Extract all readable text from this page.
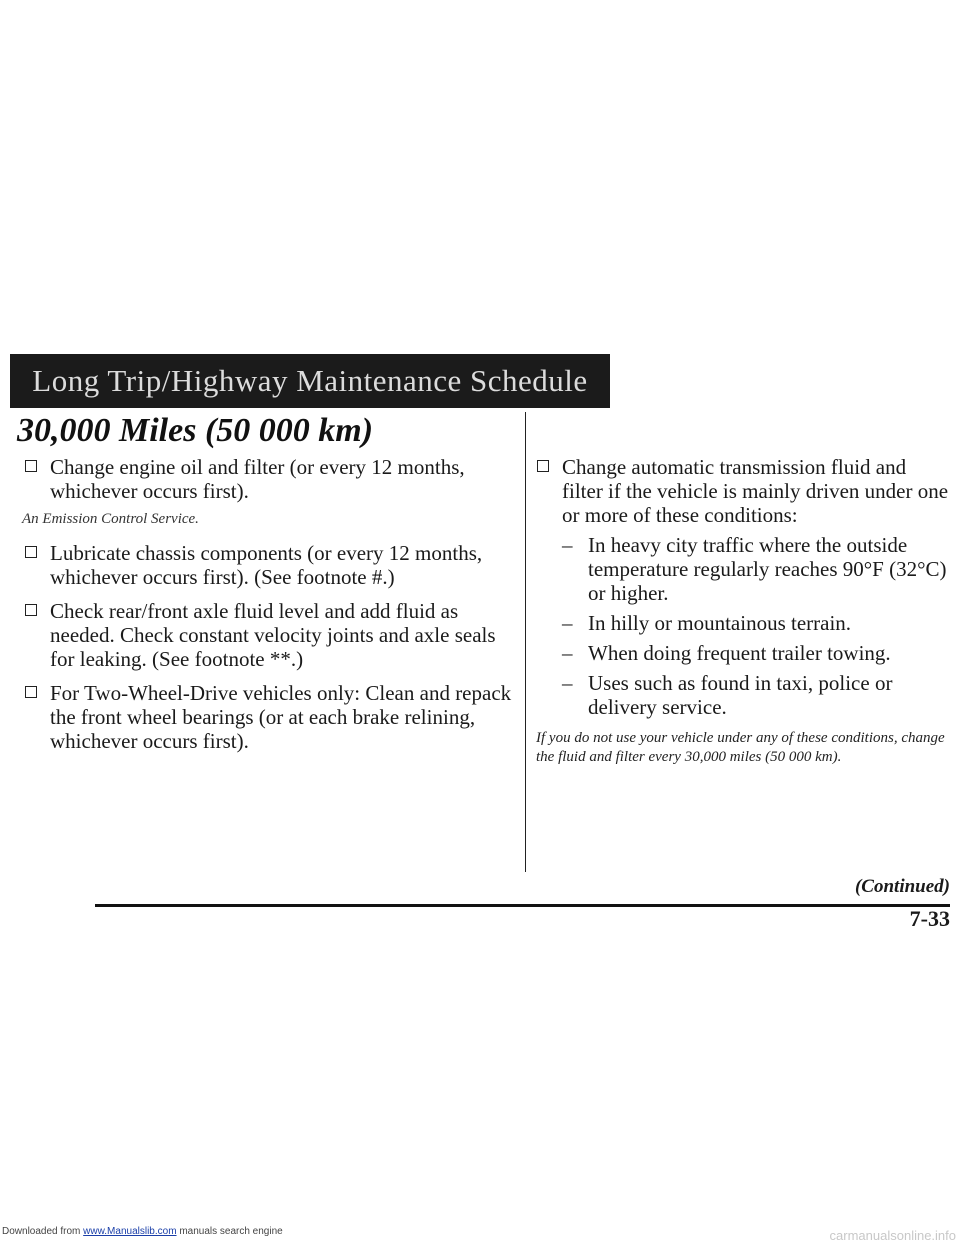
Long Trip/Highway Maintenance Schedule
30,000 Miles (50 000 km)
Change engine oil and filter (or every 12 months, whichever occurs first).
An Emission Control Service.
Lubricate chassis components (or every 12 months, whichever occurs first). (See footnote #.)
Check rear/front axle fluid level and add fluid as needed. Check constant velocity joints and axle seals for leaking. (See footnote **.)
For Two-Wheel-Drive vehicles only: Clean and repack the front wheel bearings (or at each brake relining, whichever occurs first).
Change automatic transmission fluid and filter if the vehicle is mainly driven under one or more of these conditions:
– In heavy city traffic where the outside temperature regularly reaches 90°F (32°C) or higher.
– In hilly or mountainous terrain.
– When doing frequent trailer towing.
– Uses such as found in taxi, police or delivery service.
If you do not use your vehicle under any of these conditions, change the fluid and filter every 30,000 miles (50 000 km).
(Continued)
7-33
Downloaded from www.Manualslib.com manuals search engine	carmanualsonline.info
